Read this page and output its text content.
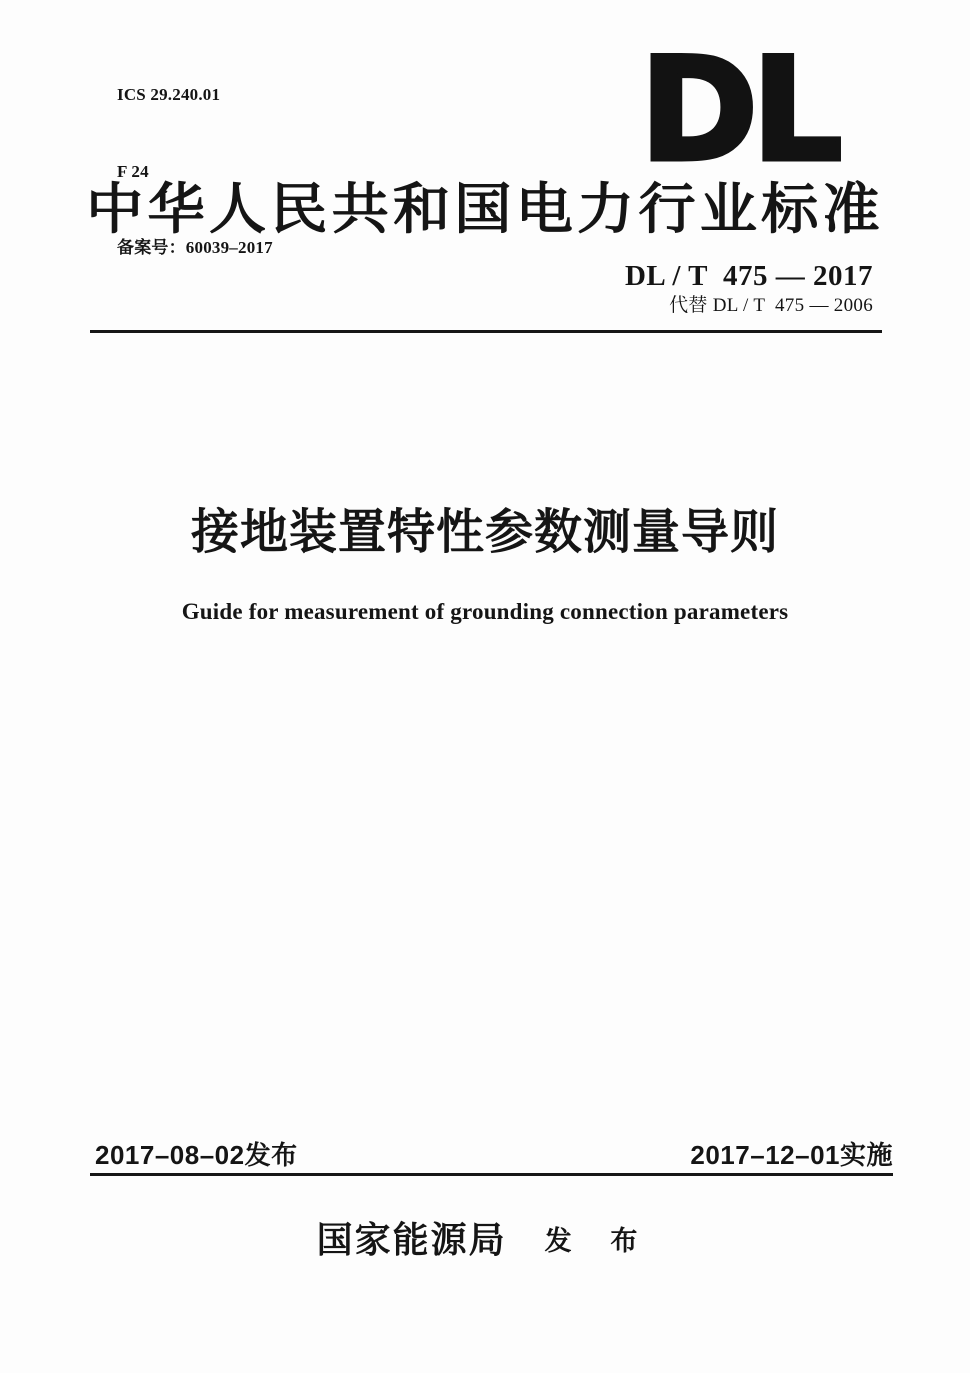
ICS 29.240.01

F 24

备案号：60039–2017

DL
中华人民共和国电力行业标准
DL / T  475 — 2017
代替 DL / T  475 — 2006
接地装置特性参数测量导则
Guide for measurement of grounding connection parameters
2017–08–02发布	2017–12–01实施
国家能源局 发 布
